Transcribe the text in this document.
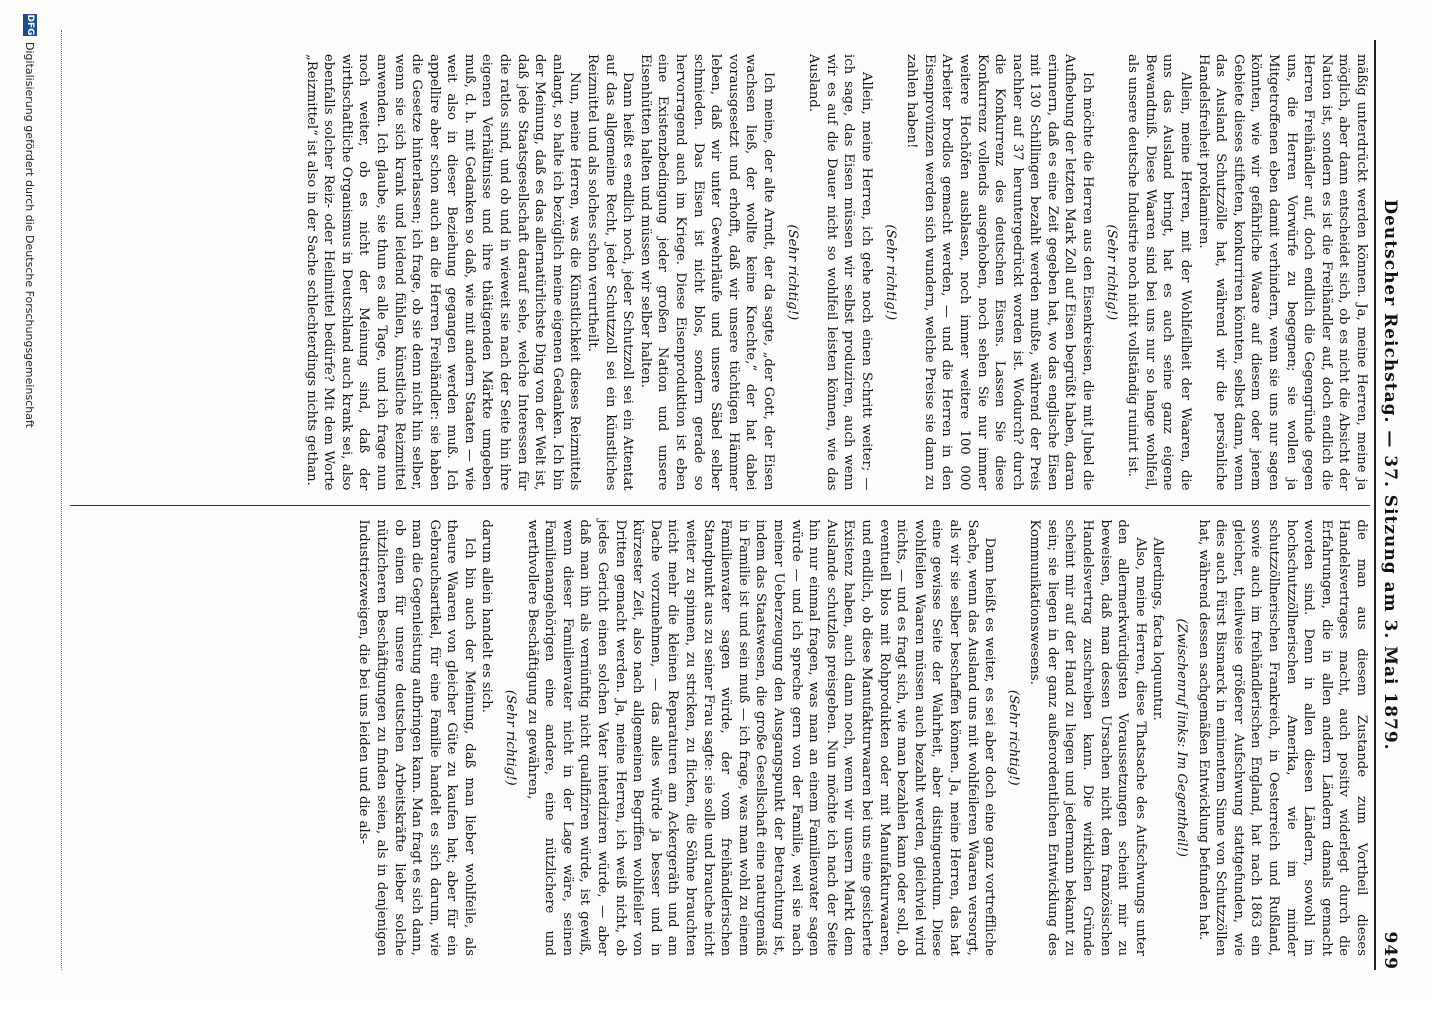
Deutscher Reichstag. — 37. Sitzung am 3. Mai 1879.
949

mäßig unterdrückt werden können. Ja, meine Herren, meine ja möglich, aber dann entscheidet sich, ob es nicht die Absicht der Nation ist, sondern es ist die Freihändler auf, doch endlich die Herren Freihändler auf, doch endlich die Gegengründe gegen uns, die Herren Vorwürfe zu begegnen; sie wollen ja Mitgetroffenen eben damit verhindern, wenn sie uns nur sagen könnten, wie wir gefährliche Waare auf diesem oder jenem Gebiete dieses stifteten, konkurriren könnten, selbst dann, wenn das Ausland Schutzzölle hat, während wir die persönliche Handelsfreiheit proklamiren.

Allein, meine Herren, mit der Wohlfeilheit der Waaren, die uns das Ausland bringt, hat es auch seine ganz eigene Bewandtniß. Diese Waaren sind bei uns nur so lange wohlfeil, als unsere deutsche Industrie noch nicht vollständig ruinirt ist.

(Sehr richtig!)

Ich möchte die Herren aus den Eisenkreisen, die mit Jubel die Aufhebung der letzten Mark Zoll auf Eisen begrüßt haben, daran erinnern, daß es eine Zeit gegeben hat, wo das englische Eisen mit 130 Schillingen bezahlt werden mußte, während der Preis nachher auf 37 heruntergedrückt worden ist. Wodurch? durch die Konkurrenz des deutschen Eisens. Lassen Sie diese Konkurrenz vollends ausgehoben, noch sehen Sie nur immer weitere Hochöfen ausblasen, noch immer weitere 100 000 Arbeiter brodlos gemacht werden, — und die Herren in den Eisenprovinzen werden sich wundern, welche Preise sie dann zu zahlen haben!

(Sehr richtig!)

Allein, meine Herren, ich gehe noch einen Schritt weiter; — ich sage, das Eisen müssen wir selbst produziren, auch wenn wir es auf die Dauer nicht so wohlfeil leisten können, wie das Ausland.

(Sehr richtig!)

Ich meine, der alte Arndt, der da sagte, „der Gott, der Eisen wachsen ließ, der wollte keine Knechte,“ der hat dabei vorausgesetzt und erhofft, daß wir unsere tüchtigen Hämmer leben, daß wir unter Gewehrläufe und unsere Säbel selber schmieden. Das Eisen ist nicht blos, sondern gerade so hervorragend auch im Kriege. Diese Eisenproduktion ist eben eine Existenzbedingung jeder großen Nation und unsere Eisenhütten halten und müssen wir selber halten.

Dann heißt es endlich noch, jeder Schutzzoll sei ein Attentat auf das allgemeine Recht, jeder Schutzzoll sei ein künstliches Reizmittel und als solches schon verurtheilt.

Nun, meine Herren, was die Künstlichkeit dieses Reizmittels anlangt, so halte ich bezüglich meine eigenen Gedanken. Ich bin der Meinung, daß es das allernatürlichste Ding von der Welt ist, daß jede Staatsgesellschaft darauf sehe, welche Interessen für die ratlos sind, und ob und in wieweit sie nach der Seite hin ihre eigenen Verhältnisse und ihre thätigenden Märkte umgeben muß, d. h. mit Gedanken so daß, wie mit andern Staaten — wie weit also in dieser Beziehung gegangen werden muß. Ich appellire aber schon auch an die Herren Freihändler: sie haben die Gesetze hinterlassen; ich frage, ob sie denn nicht hin selber, wenn sie sich krank und leidend fühlen, künstliche Reizmittel anwenden. Ich glaube, sie thun es alle Tage, und ich frage nun noch weiter, ob es nicht der Meinung sind, daß der wirthschaftliche Organismus in Deutschland auch krank sei, also ebenfalls solcher Reiz- oder Heilmittel bedürfe? Mit dem Worte „Reizmittel“ ist also in der Sache schlechterdings nichts gethan.

die man aus diesem Zustande zum Vortheil dieses Handelsvertrages macht, auch positiv widerlegt durch die Erfahrungen, die in allen andern Ländern damals gemacht worden sind. Denn in allen diesen Ländern, sowohl im hochschutzzöllnerischen Amerika, wie im minder schutzzöllnerischen Frankreich, in Oesterreich und Rußland, sowie auch im freihändlerischen England, hat nach 1863 ein gleicher, theilweise größerer Aufschwung stattgefunden, wie dies auch Fürst Bismarck in eminentem Sinne von Schutzzöllen hat, während dessen sachgemäßen Entwicklung befunden hat.

(Zwischenruf links: Im Gegentheil!)

Allerdings, facta loquuntur.

Also, meine Herren, diese Thatsache des Aufschwungs unter den allermerkwürdigsten Voraussetzungen scheint mir zu beweisen, daß man dessen Ursachen nicht dem französischen Handelsvertrag zuschreiben kann. Die wirklichen Gründe scheint mir auf der Hand zu liegen und jedermann bekannt zu sein; sie liegen in der ganz außerordentlichen Entwicklung des Kommunikationswesens.

(Sehr richtig!)

Dann heißt es weiter, es sei aber doch eine ganz vortreffliche Sache, wenn das Ausland uns mit wohlfeileren Waaren versorgt, als wir sie selber beschaffen können. Ja, meine Herren, das hat eine gewisse Seite der Wahrheit, aber distinguendum. Diese wohlfeilen Waaren müssen auch bezahlt werden, gleichviel wird nichts, — und es fragt sich, wie man bezahlen kann oder soll, ob eventuell blos mit Rohprodukten oder mit Manufakturwaaren, und endlich, ob diese Manufakturwaaren bei uns eine gesicherte Existenz haben, auch dann noch, wenn wir unsern Markt dem Auslande schutzlos preisgeben. Nun möchte ich nach der Seite hin nur einmal fragen, was man an einem Familienvater sagen würde — und ich spreche gern von der Familie, weil sie nach meiner Ueberzeugung den Ausgangspunkt der Betrachtung ist, indem das Staatswesen, die große Gesellschaft eine naturgemäß in Familie ist und sein muß — ich frage, was man wohl zu einem Familienvater sagen würde, der vom freihändlerischen Standpunkt aus zu seiner Frau sagte: sie solle und brauche nicht weiter zu spinnen, zu stricken, zu flicken, die Söhne brauchten nicht mehr die kleinen Reparaturen am Ackergeräth und am Dache vorzunehmen, — das alles würde ja besser und in kürzester Zeit, also nach allgemeinen Begriffen wohlfeiler von Dritten gemacht werden. Ja, meine Herren, ich weiß nicht, ob jedes Gericht einen solchen Vater interdiziren würde, — aber daß man ihn als vernünftig nicht qualifiziren würde, ist gewiß, wenn dieser Familienvater nicht in der Lage wäre, seinen Familienangehörigen eine andere, eine nützlichere und werthvollere Beschäftigung zu gewähren,

(Sehr richtig!)

darum allein handelt es sich.

Ich bin auch der Meinung, daß man lieber wohlfeile, als theure Waaren von gleicher Güte zu kaufen hat; aber für ein Gebrauchsartikel, für eine Familie handelt es sich darum, wie man die Gegenleistung aufbringen kann. Man fragt es sich dann, ob einen für unsere deutschen Arbeitskräfte lieber solche nützlicheren Beschäftigungen zu finden seien, als in denjenigen Industriezweigen, die bei uns leiden und die als-

DFG
Digitalisierung gefördert durch die Deutsche Forschungsgemeinschaft
